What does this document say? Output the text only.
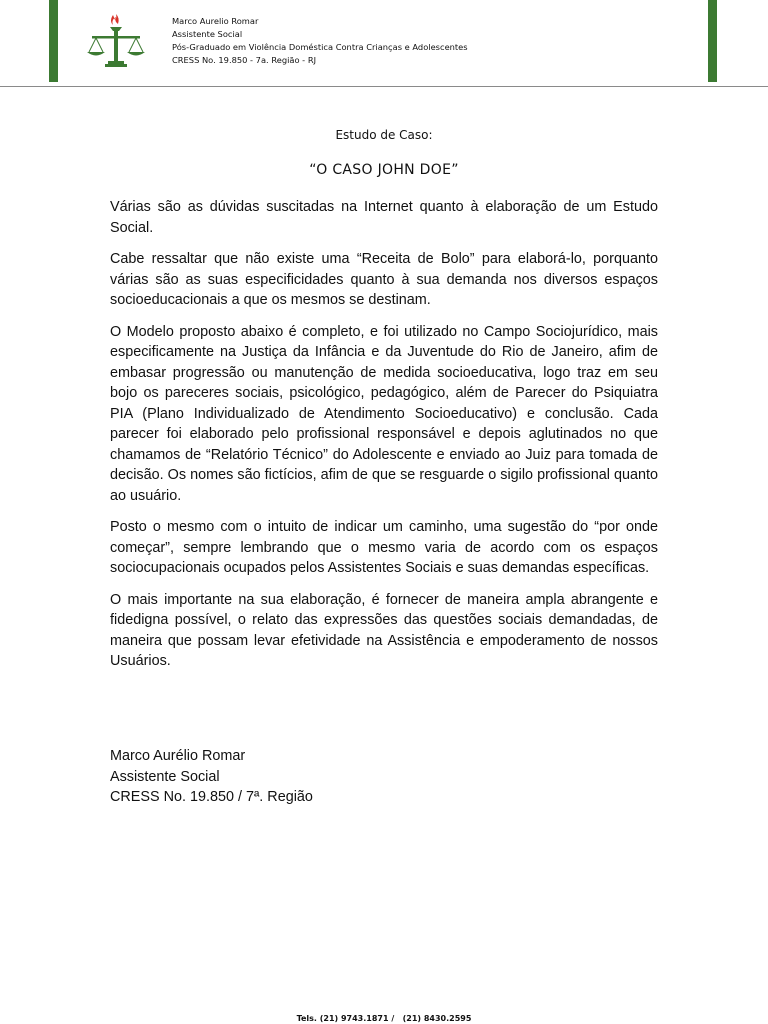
Marco Aurelio Romar
Assistente Social
Pós-Graduado em Violência Doméstica Contra Crianças e Adolescentes
CRESS No. 19.850 - 7a. Região - RJ
Estudo de Caso:
“O CASO JOHN DOE”

Várias são as dúvidas suscitadas na Internet quanto à elaboração de um Estudo Social.

Cabe ressaltar que não existe uma “Receita de Bolo” para elaborá-lo, porquanto várias são as suas especificidades quanto à sua demanda nos diversos espaços socioeducacionais a que os mesmos se destinam.

O Modelo proposto abaixo é completo, e foi utilizado no Campo Sociojurídico, mais especificamente na Justiça da Infância e da Juventude do Rio de Janeiro, afim de embasar progressão ou manutenção de medida socioeducativa, logo traz em seu bojo os pareceres sociais, psicológico, pedagógico, além de Parecer do Psiquiatra PIA (Plano Individualizado de Atendimento Socioeducativo) e conclusão. Cada parecer foi elaborado pelo profissional responsável e depois aglutinados no que chamamos de “Relatório Técnico” do Adolescente e enviado ao Juiz para tomada de decisão. Os nomes são fictícios, afim de que se resguarde o sigilo profissional quanto ao usuário.

Posto o mesmo com o intuito de indicar um caminho, uma sugestão do “por onde começar”, sempre lembrando que o mesmo varia de acordo com os espaços sociocupacionais ocupados pelos Assistentes Sociais e suas demandas específicas.

O mais importante na sua elaboração, é fornecer de maneira ampla abrangente e fidedigna possível, o relato das expressões das questões sociais demandadas, de maneira que possam levar efetividade na Assistência e empoderamento de nossos Usuários.

Marco Aurélio Romar
Assistente Social
CRESS No. 19.850 / 7ª. Região
Tels. (21) 9743.1871 /   (21) 8430.2595
